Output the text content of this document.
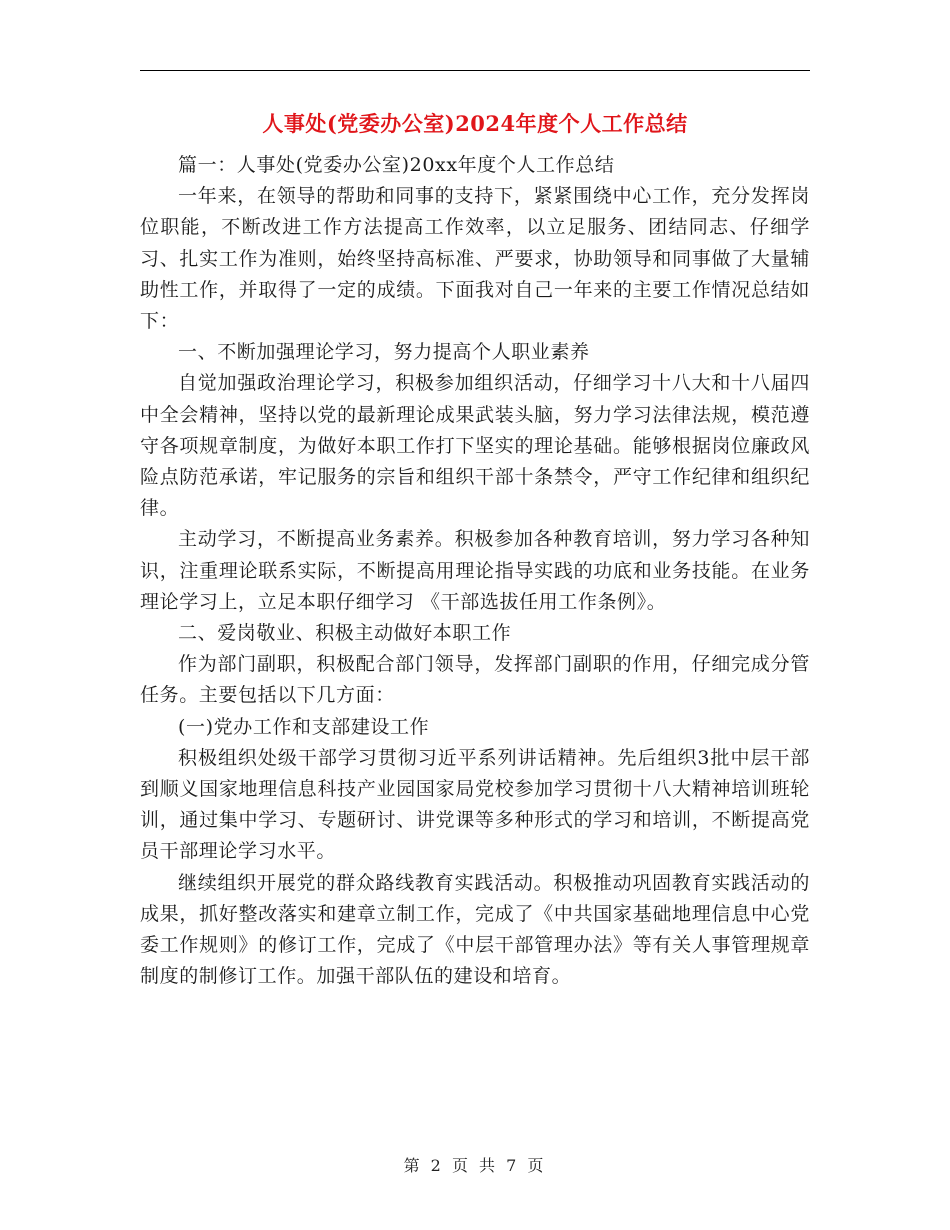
人事处(党委办公室)2024年度个人工作总结

篇一：人事处(党委办公室)20xx年度个人工作总结

一年来，在领导的帮助和同事的支持下，紧紧围绕中心工作，充分发挥岗位职能，不断改进工作方法提高工作效率，以立足服务、团结同志、仔细学习、扎实工作为准则，始终坚持高标准、严要求，协助领导和同事做了大量辅助性工作，并取得了一定的成绩。下面我对自己一年来的主要工作情况总结如下：

一、不断加强理论学习，努力提高个人职业素养

自觉加强政治理论学习，积极参加组织活动，仔细学习十八大和十八届四中全会精神，坚持以党的最新理论成果武装头脑，努力学习法律法规，模范遵守各项规章制度，为做好本职工作打下坚实的理论基础。能够根据岗位廉政风险点防范承诺，牢记服务的宗旨和组织干部十条禁令，严守工作纪律和组织纪律。

主动学习，不断提高业务素养。积极参加各种教育培训，努力学习各种知识，注重理论联系实际，不断提高用理论指导实践的功底和业务技能。在业务理论学习上，立足本职仔细学习 《干部选拔任用工作条例》。

二、爱岗敬业、积极主动做好本职工作

作为部门副职，积极配合部门领导，发挥部门副职的作用，仔细完成分管任务。主要包括以下几方面：

(一)党办工作和支部建设工作

积极组织处级干部学习贯彻习近平系列讲话精神。先后组织3批中层干部到顺义国家地理信息科技产业园国家局党校参加学习贯彻十八大精神培训班轮训，通过集中学习、专题研讨、讲党课等多种形式的学习和培训，不断提高党员干部理论学习水平。

继续组织开展党的群众路线教育实践活动。积极推动巩固教育实践活动的成果，抓好整改落实和建章立制工作，完成了《中共国家基础地理信息中心党委工作规则》的修订工作，完成了《中层干部管理办法》等有关人事管理规章制度的制修订工作。加强干部队伍的建设和培育。

第 2 页 共 7 页
